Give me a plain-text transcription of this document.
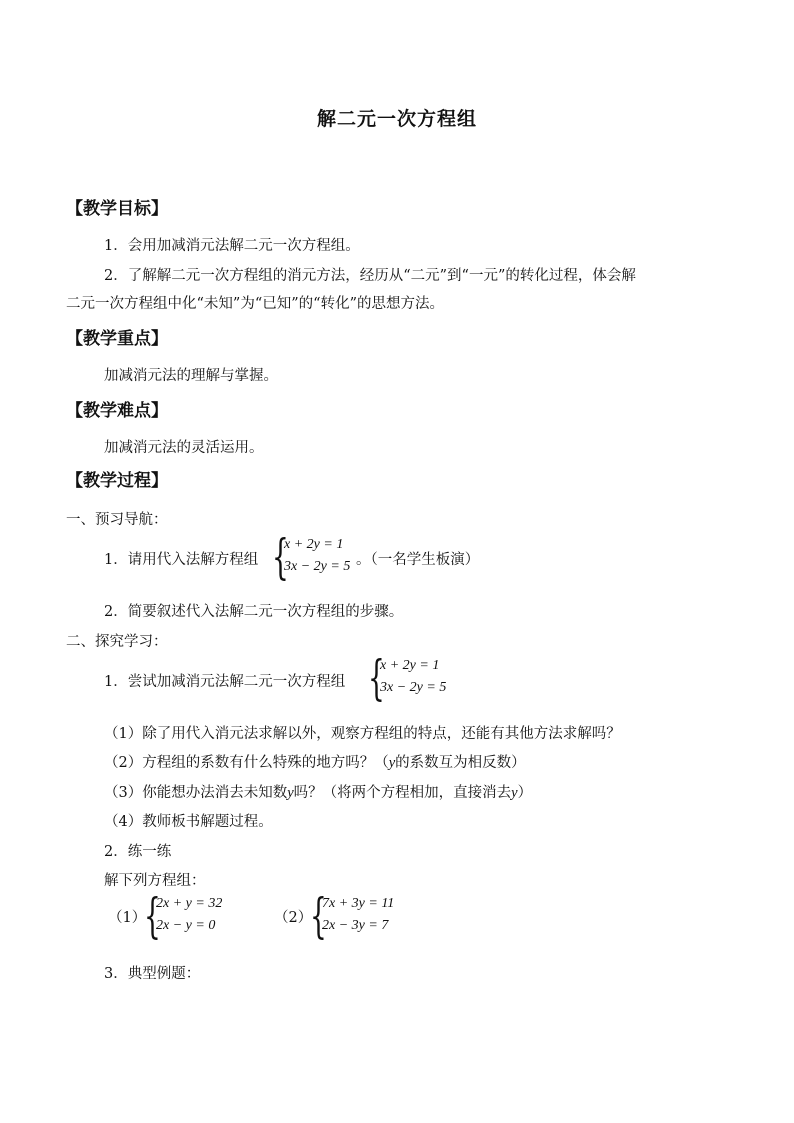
解二元一次方程组
【教学目标】
1．会用加减消元法解二元一次方程组。
2．了解解二元一次方程组的消元方法，经历从“二元”到“一元”的转化过程，体会解
二元一次方程组中化“未知”为“已知”的“转化”的思想方法。
【教学重点】
加减消元法的理解与掌握。
【教学难点】
加减消元法的灵活运用。
【教学过程】
一、预习导航：
1．请用代入法解方程组 {
x + 2y = 1
3x − 2y = 5 。（一名学生板演）
2．简要叙述代入法解二元一次方程组的步骤。
二、探究学习：
1．尝试加减消元法解二元一次方程组 {
x + 2y = 1
3x − 2y = 5
（1）除了用代入消元法求解以外，观察方程组的特点，还能有其他方法求解吗？
（2）方程组的系数有什么特殊的地方吗？（y的系数互为相反数）
（3）你能想办法消去未知数y吗？（将两个方程相加，直接消去y）
（4）教师板书解题过程。
2．练一练
解下列方程组：
（1）
{
2x + y = 32
2x − y = 0	（2）
{
7x + 3y = 11
2x − 3y = 7
3．典型例题：
